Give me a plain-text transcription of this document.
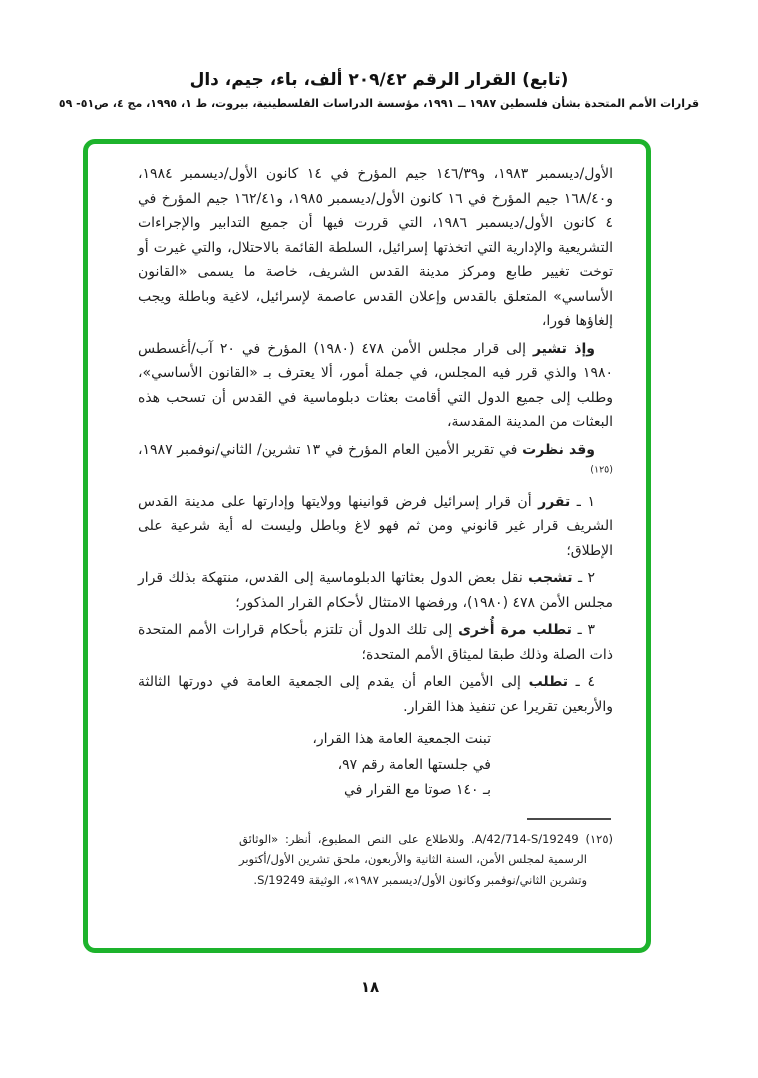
(تابع) القرار الرقم ٢٠٩/٤٢ ألف، باء، جيم، دال
قرارات الأمم المتحدة بشأن فلسطين ١٩٨٧ ــ ١٩٩١، مؤسسة الدراسات الفلسطينية، بيروت، ط ١، ١٩٩٥، مج ٤، ص٥١- ٥٩

الأول/ديسمبر ١٩٨٣، و١٤٦/٣٩ جيم المؤرخ في ١٤ كانون الأول/ديسمبر ١٩٨٤، و١٦٨/٤٠ جيم المؤرخ في ١٦ كانون الأول/ديسمبر ١٩٨٥، و١٦٢/٤١ جيم المؤرخ في ٤ كانون الأول/ديسمبر ١٩٨٦، التي قررت فيها أن جميع التدابير والإجراءات التشريعية والإدارية التي اتخذتها إسرائيل، السلطة القائمة بالاحتلال، والتي غيرت أو توخت تغيير طابع ومركز مدينة القدس الشريف، خاصة ما يسمى «القانون الأساسي» المتعلق بالقدس وإعلان القدس عاصمة لإسرائيل، لاغية وباطلة ويجب إلغاؤها فورا،

وإذ تشير إلى قرار مجلس الأمن ٤٧٨ (١٩٨٠) المؤرخ في ٢٠ آب/أغسطس ١٩٨٠ والذي قرر فيه المجلس، في جملة أمور، ألا يعترف بـ «القانون الأساسي»، وطلب إلى جميع الدول التي أقامت بعثات دبلوماسية في القدس أن تسحب هذه البعثات من المدينة المقدسة،

وقد نظرت في تقرير الأمين العام المؤرخ في ١٣ تشرين/ الثاني/نوفمبر ١٩٨٧،$^{(١٢٥)}$

١ ـ تقرر أن قرار إسرائيل فرض قوانينها وولايتها وإدارتها على مدينة القدس الشريف قرار غير قانوني ومن ثم فهو لاغ وباطل وليست له أية شرعية على الإطلاق؛

٢ ـ تشجب نقل بعض الدول بعثاتها الدبلوماسية إلى القدس، منتهكة بذلك قرار مجلس الأمن ٤٧٨ (١٩٨٠)، ورفضها الامتثال لأحكام القرار المذكور؛

٣ ـ تطلب مرة أُخرى إلى تلك الدول أن تلتزم بأحكام قرارات الأمم المتحدة ذات الصلة وذلك طبقا لميثاق الأمم المتحدة؛

٤ ـ تطلب إلى الأمين العام أن يقدم إلى الجمعية العامة في دورتها الثالثة والأربعين تقريرا عن تنفيذ هذا القرار.

تبنت الجمعية العامة هذا القرار،
في جلستها العامة رقم ٩٧،
بـ ١٤٠ صوتا مع القرار في
(١٢٥) A/42/714-S/19249. وللاطلاع على النص المطبوع، أنظر: «الوثائق الرسمية لمجلس الأمن، السنة الثانية والأربعون، ملحق تشرين الأول/أكتوبر وتشرين الثاني/نوفمبر وكانون الأول/ديسمبر ١٩٨٧»، الوثيقة S/19249.
١٨
